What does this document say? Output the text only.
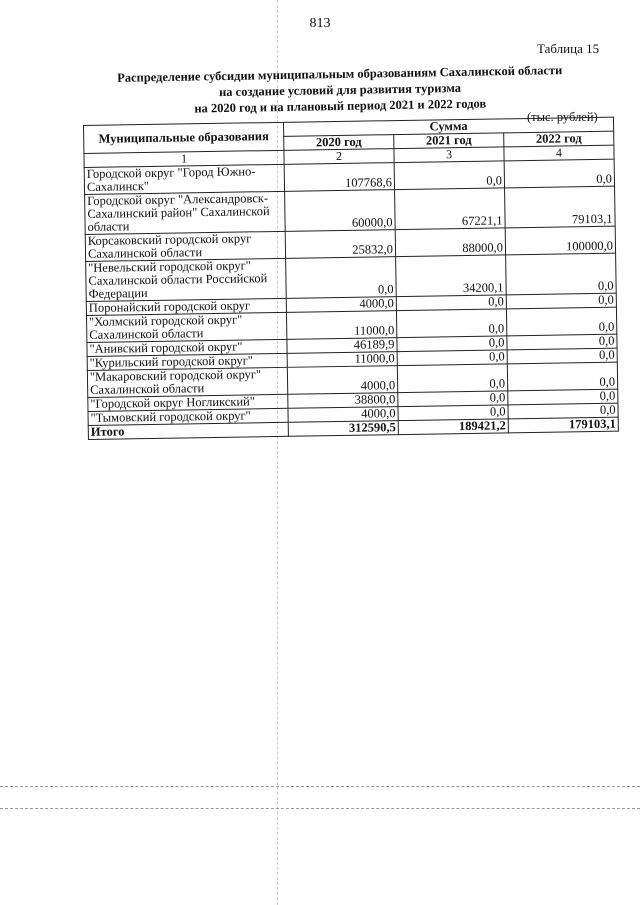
813
Таблица 15
Распределение субсидии муниципальным образованиям Сахалинской области
на создание условий для развития туризма
на 2020 год и на плановый период 2021 и 2022 годов
(тыс. рублей)
Муниципальные образования	Сумма		
	2020 год	2021 год	2022 год
1	2	3	4
Городской округ "Город Южно-Сахалинск"	107768,6	0,0	0,0
Городской округ "Александровск-Сахалинский район" Сахалинской области	60000,0	67221,1	79103,1
Корсаковский городской округ Сахалинской области	25832,0	88000,0	100000,0
"Невельский городской округ" Сахалинской области Российской Федерации	0,0	34200,1	0,0
Поронайский городской округ	4000,0	0,0	0,0
"Холмский городской округ" Сахалинской области	11000,0	0,0	0,0
"Анивский городской округ"	46189,9	0,0	0,0
"Курильский городской округ"	11000,0	0,0	0,0
"Макаровский городской округ" Сахалинской области	4000,0	0,0	0,0
"Городской округ Ногликский"	38800,0	0,0	0,0
"Тымовский городской округ"	4000,0	0,0	0,0
Итого	312590,5	189421,2	179103,1
